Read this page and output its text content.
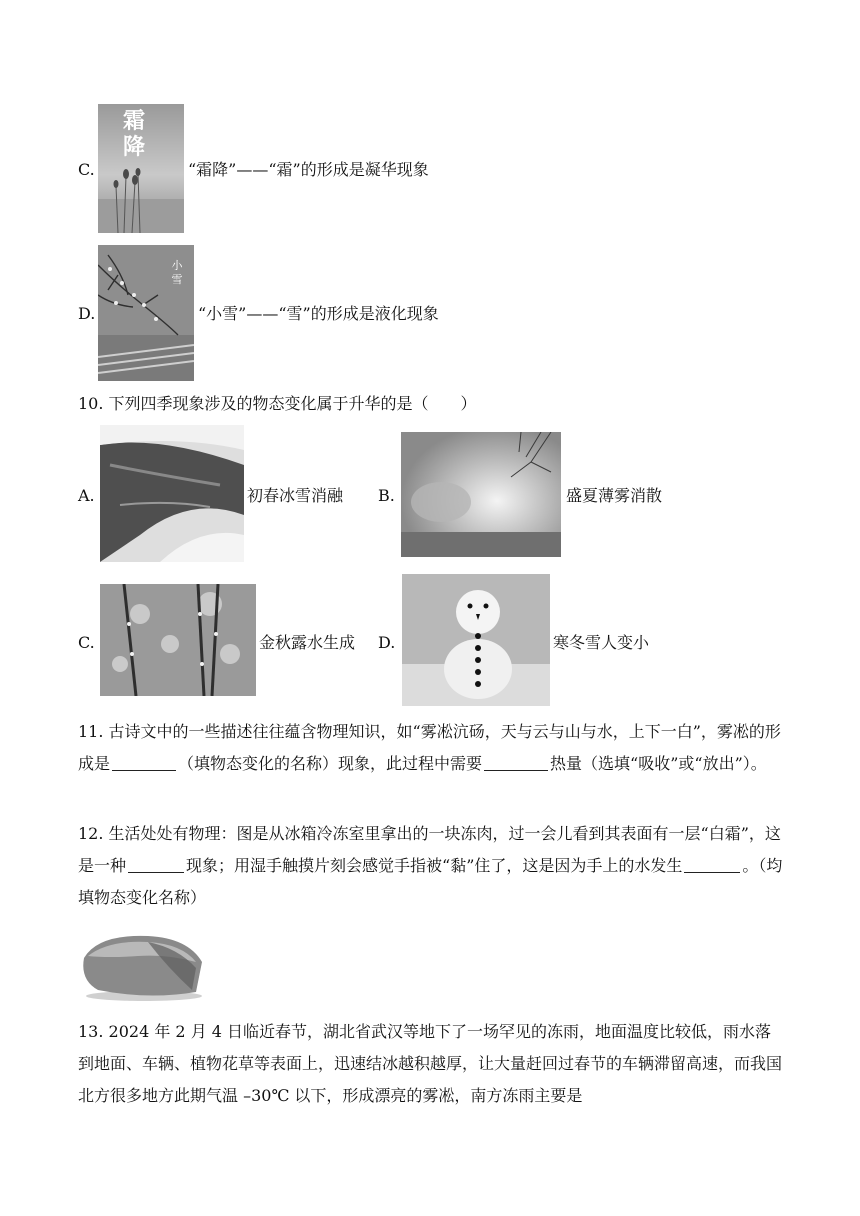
C.
霜降
“霜降”——“霜”的形成是凝华现象
D.
小雪
“小雪”——“雪”的形成是液化现象
10. 下列四季现象涉及的物态变化属于升华的是（　　）
A.	初春冰雪消融 B.	盛夏薄雾消散
C.	金秋露水生成 D.	寒冬雪人变小
11. 古诗文中的一些描述往往蕴含物理知识，如“雾凇沆砀，天与云与山与水，上下一白”，雾凇的形成是	（填物态变化的名称）现象，此过程中需要	热量（选填“吸收”或“放出”）。
12. 生活处处有物理：图是从冰箱冷冻室里拿出的一块冻肉，过一会儿看到其表面有一层“白霜”，这是一种	现象；用湿手触摸片刻会感觉手指被“黏”住了，这是因为手上的水发生	。（均填物态变化名称）
13. 2024 年 2 月 4 日临近春节，湖北省武汉等地下了一场罕见的冻雨，地面温度比较低，雨水落到地面、车辆、植物花草等表面上，迅速结冰越积越厚，让大量赶回过春节的车辆滞留高速，而我国北方很多地方此期气温 –30℃ 以下，形成漂亮的雾凇，南方冻雨主要是
